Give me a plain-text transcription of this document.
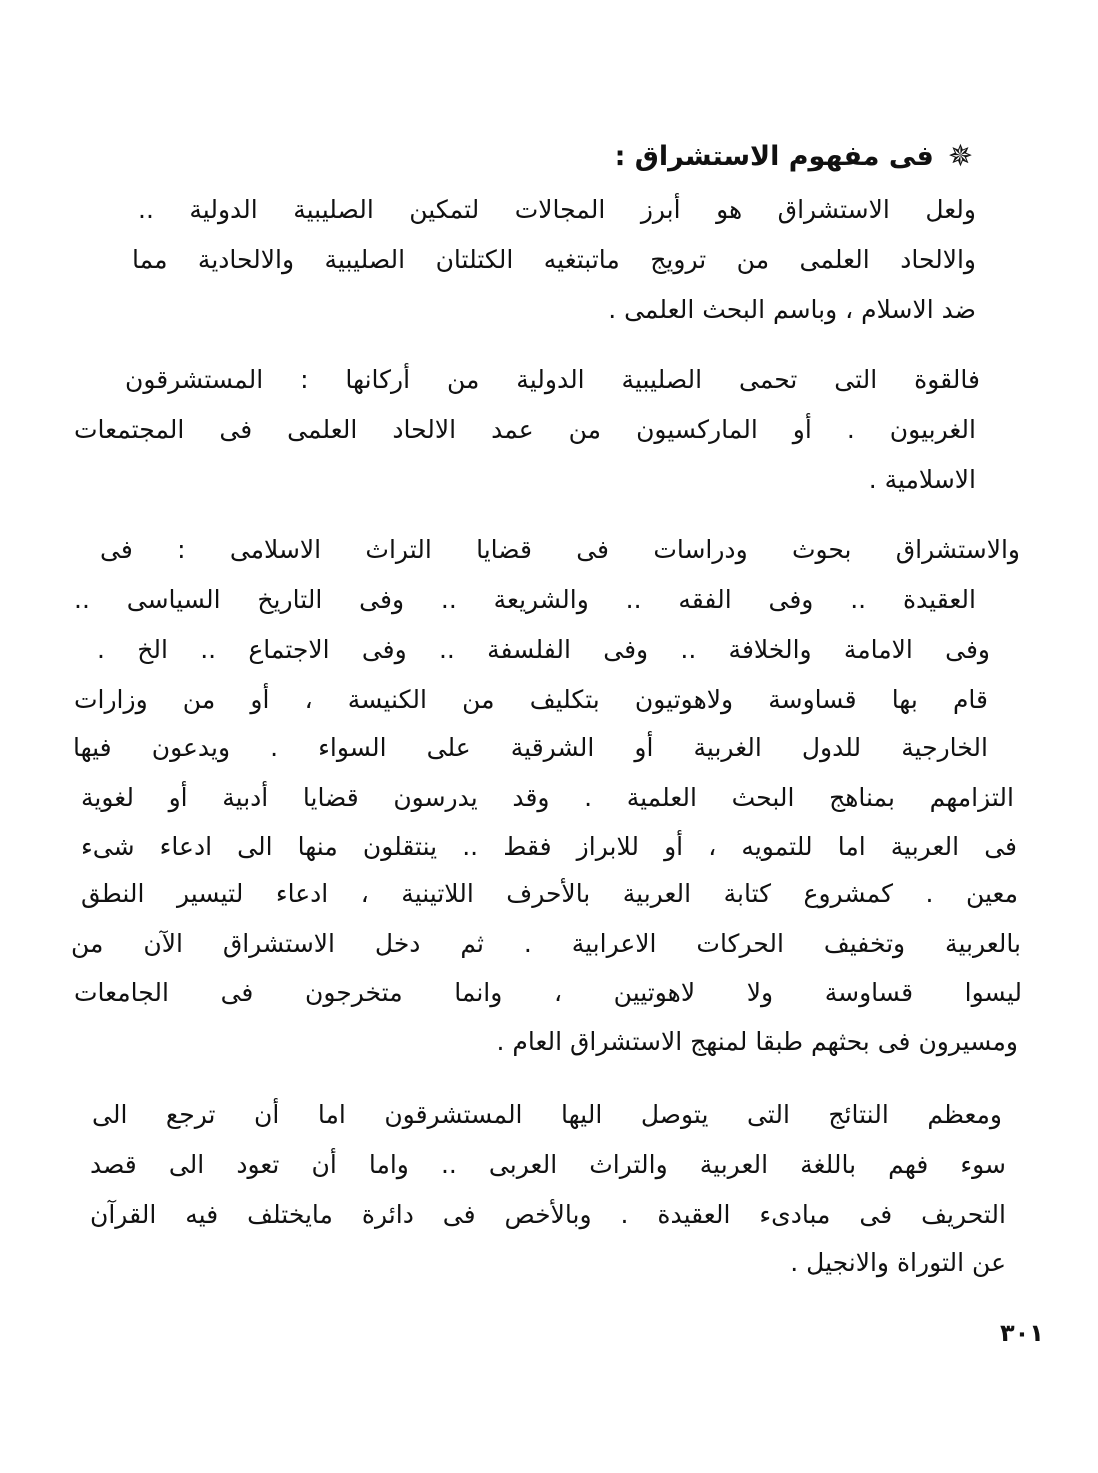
✵
فى مفهوم الاستشراق :
ولعل الاستشراق هو أبرز المجالات لتمكين الصليبية الدولية ..
والالحاد العلمى من ترويج ماتبتغيه الكتلتان الصليبية والالحادية مما
ضد الاسلام ، وباسم البحث العلمى .
فالقوة التى تحمى الصليبية الدولية من أركانها : المستشرقون
الغربيون . أو الماركسيون من عمد الالحاد العلمى فى المجتمعات
الاسلامية .
والاستشراق بحوث ودراسات فى قضايا التراث الاسلامى : فى
العقيدة .. وفى الفقه .. والشريعة .. وفى التاريخ السياسى ..
وفى الامامة والخلافة .. وفى الفلسفة .. وفى الاجتماع .. الخ .
قام بها قساوسة ولاهوتيون بتكليف من الكنيسة ، أو من وزارات
الخارجية للدول الغربية أو الشرقية على السواء . ويدعون فيها
التزامهم بمناهج البحث العلمية . وقد يدرسون قضايا أدبية أو لغوية
فى العربية اما للتمويه ، أو للابراز فقط .. ينتقلون منها الى ادعاء شىء
معين . كمشروع كتابة العربية بالأحرف اللاتينية ، ادعاء لتيسير النطق
بالعربية وتخفيف الحركات الاعرابية . ثم دخل الاستشراق الآن من
ليسوا قساوسة ولا لاهوتيين ، وانما متخرجون فى الجامعات
ومسيرون فى بحثهم طبقا لمنهج الاستشراق العام .
ومعظم النتائج التى يتوصل اليها المستشرقون اما أن ترجع الى
سوء فهم باللغة العربية والتراث العربى .. واما أن تعود الى قصد
التحريف فى مبادىء العقيدة . وبالأخص فى دائرة مايختلف فيه القرآن
عن التوراة والانجيل .
٣٠١
